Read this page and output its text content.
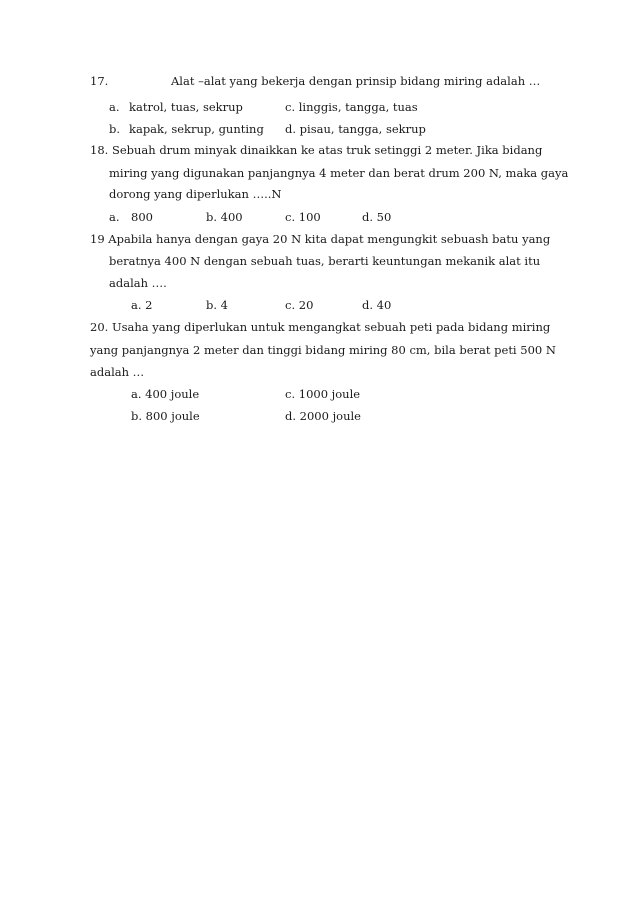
17.	Alat –alat yang bekerja dengan prinsip bidang miring adalah …
a. katrol, tuas, sekrup	c. linggis, tangga, tuas
b. kapak, sekrup, gunting d. pisau, tangga, sekrup
18. Sebuah drum minyak dinaikkan ke atas truk setinggi 2 meter. Jika bidang
miring yang digunakan panjangnya 4 meter dan berat drum 200 N, maka gaya
dorong yang diperlukan …..N
a. 800	b. 400	c. 100	d. 50
19 Apabila hanya dengan gaya 20 N kita dapat mengungkit sebuash batu yang
beratnya 400 N dengan sebuah tuas, berarti keuntungan mekanik alat itu
adalah ….
a. 2	b. 4	c. 20	d. 40
20. Usaha yang diperlukan untuk mengangkat sebuah peti pada bidang miring
yang panjangnya 2 meter dan tinggi bidang miring 80 cm, bila berat peti 500 N
adalah …
a. 400 joule	c. 1000 joule
b. 800 joule	d. 2000 joule
